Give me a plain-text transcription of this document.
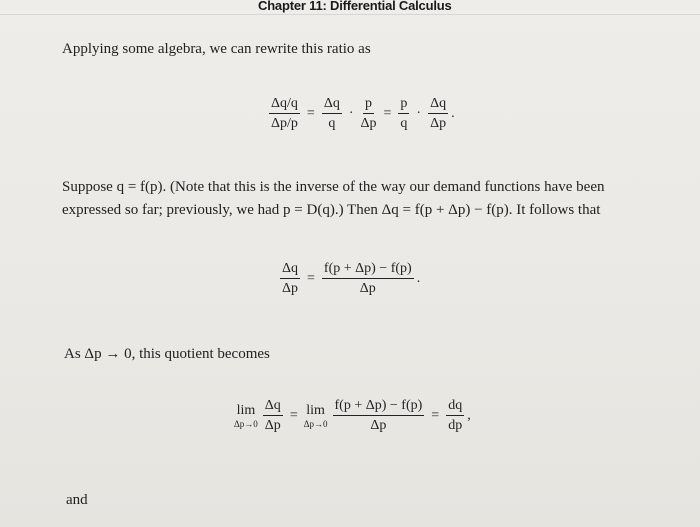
Chapter 11: Differential Calculus
Applying some algebra, we can rewrite this ratio as
$\frac{\Delta q/q}{\Delta p/p} = \frac{\Delta q}{q} \cdot \frac{p}{\Delta p} = \frac{p}{q} \cdot \frac{\Delta q}{\Delta p}$ .
Suppose q = f(p). (Note that this is the inverse of the way our demand functions have been
expressed so far; previously, we had p = D(q).) Then Δq = f(p + Δp) − f(p). It follows that
$\frac{\Delta q}{\Delta p} = \frac{f(p + \Delta p) - f(p)}{\Delta p}$ .
As Δp → 0, this quotient becomes
lim
$\Delta p\to 0 \frac{\Delta q}{\Delta p} = \lim$
$\Delta p\to 0 \frac{f(p + \Delta p) - f(p)}{\Delta p} = \frac{dq}{dp}$ ,
and
